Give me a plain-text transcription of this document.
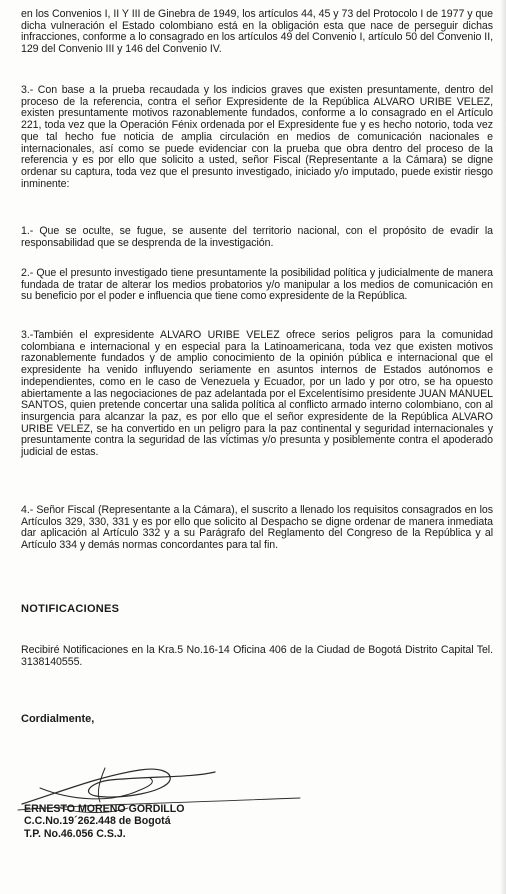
en los Convenios I, II Y III de Ginebra de 1949, los artículos 44, 45 y 73 del Protocolo I de 1977 y que dicha vulneración el Estado colombiano está en la obligación esta que nace de perseguir dichas infracciones, conforme a lo consagrado en los artículos 49 del Convenio I, artículo 50 del Convenio II, 129 del Convenio III y 146 del Convenio IV.
3.- Con base a la prueba recaudada y los indicios graves que existen presuntamente, dentro del proceso de la referencia, contra el señor Expresidente de la República ALVARO URIBE VELEZ, existen presuntamente motivos razonablemente fundados, conforme a lo consagrado en el Artículo 221, toda vez que la Operación Fénix ordenada por el Expresidente fue y es hecho notorio, toda vez que tal hecho fue noticia de amplia circulación en medios de comunicación nacionales e internacionales, así como se puede evidenciar con la prueba que obra dentro del proceso de la referencia y es por ello que solicito a usted, señor Fiscal (Representante a la Cámara) se digne ordenar su captura, toda vez que el presunto investigado, iniciado y/o imputado, puede existir riesgo inminente:
1.- Que se oculte, se fugue, se ausente del territorio nacional, con el propósito de evadir la responsabilidad que se desprenda de la investigación.
2.- Que el presunto investigado tiene presuntamente la posibilidad política y judicialmente de manera fundada de tratar de alterar los medios probatorios y/o manipular a los medios de comunicación en su beneficio por el poder e influencia que tiene como expresidente de la República.
3.-También el expresidente ALVARO URIBE VELEZ ofrece serios peligros para la comunidad colombiana e internacional y en especial para la Latinoamericana, toda vez que existen motivos razonablemente fundados y de amplio conocimiento de la opinión pública e internacional que el expresidente ha venido influyendo seriamente en asuntos internos de Estados autónomos e independientes, como en le caso de Venezuela y Ecuador, por un lado y por otro, se ha opuesto abiertamente a las negociaciones de paz adelantada por el Excelentísimo presidente JUAN MANUEL SANTOS, quien pretende concertar una salida política al conflicto armado interno colombiano, con al insurgencia para alcanzar la paz, es por ello que el señor expresidente de la República ALVARO URIBE VELEZ, se ha convertido en un peligro para la paz continental y seguridad internacionales y presuntamente contra la seguridad de las víctimas y/o presunta y posiblemente contra el apoderado judicial de estas.
4.- Señor Fiscal (Representante a la Cámara), el suscrito a llenado los requisitos consagrados en los Artículos 329, 330, 331 y es por ello que solicito al Despacho se digne ordenar de manera inmediata dar aplicación al Artículo 332 y a su Parágrafo del Reglamento del Congreso de la República y al Artículo 334 y demás normas concordantes para tal fin.
NOTIFICACIONES
Recibiré Notificaciones en la Kra.5 No.16-14 Oficina 406 de la Ciudad de Bogotá Distrito Capital Tel. 3138140555.
Cordialmente,
ERNESTO MORENO GORDILLO
C.C.No.19´262.448 de Bogotá
T.P. No.46.056 C.S.J.
